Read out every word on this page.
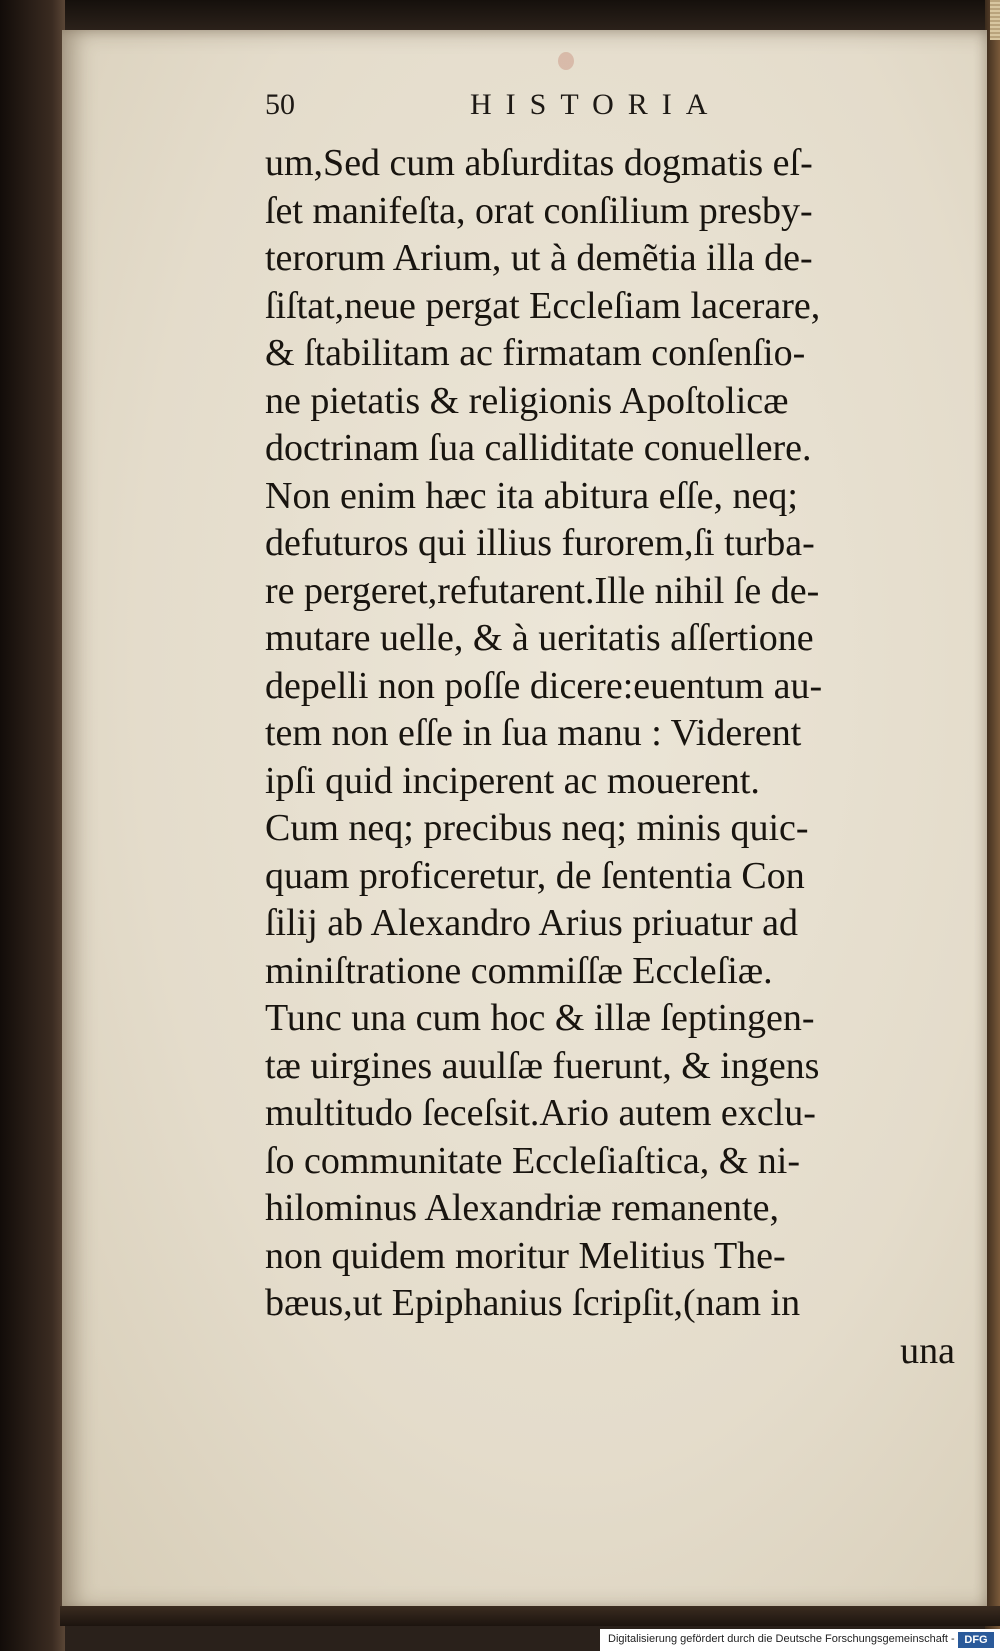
50	HISTORIA
um,Sed cum abſurditas dogmatis eſ-
ſet manifeſta, orat conſilium presby-
terorum Arium, ut à demẽtia illa de-
ſiſtat,neue pergat Eccleſiam lacerare,
& ſtabilitam ac firmatam conſenſio-
ne pietatis & religionis Apoſtolicæ
doctrinam ſua calliditate conuellere.
Non enim hæc ita abitura eſſe, neq;
defuturos qui illius furorem,ſi turba-
re pergeret,refutarent.Ille nihil ſe de-
mutare uelle, & à ueritatis aſſertione
depelli non poſſe dicere:euentum au-
tem non eſſe in ſua manu : Viderent
ipſi quid inciperent ac mouerent.
Cum neq; precibus neq; minis quic-
quam proficeretur, de ſententia Con
ſilij ab Alexandro Arius priuatur ad
miniſtratione commiſſæ Eccleſiæ.
Tunc una cum hoc & illæ ſeptingen-
tæ uirgines auulſæ fuerunt, & ingens
multitudo ſeceſsit.Ario autem exclu-
ſo communitate Eccleſiaſtica, & ni-
hilominus Alexandriæ remanente,
non quidem moritur Melitius The-
bæus,ut Epiphanius ſcripſit,(nam in
una
Digitalisierung gefördert durch die Deutsche Forschungsgemeinschaft - DFG
